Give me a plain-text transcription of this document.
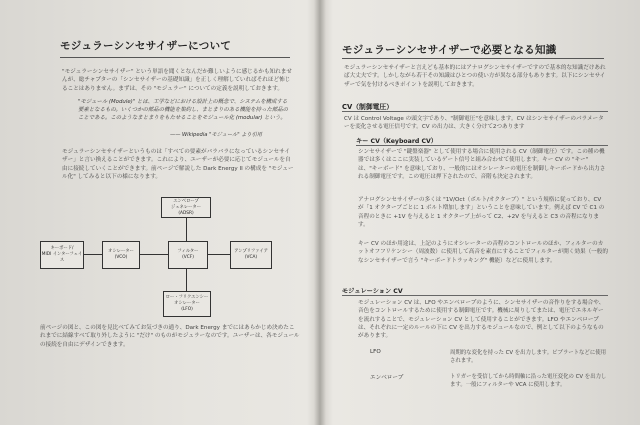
モジュラーシンセサイザーについて
"モジュラーシンセサイザー" という単語を聞くとなんだか難しいように感じるかも知れませんが、総チャプターの「シンセサイザーの基礎知識」を正しく理解していればそれほど怖じることはありません。まずは、その "モジュラー" についての定義を説明しておきます。
"モジュール (Module)" とは、工学などにおける設計上の概念で、システムを構成する要素となるもの。いくつかの部品の機能を集約し、まとまりのある機能を持った部品のことである。このようなまとまりをもたせることをモジュール化 (modular) という。
—— Wikipedia "モジュール" より引用
モジュラーシンセサイザーというものは「すべての要素がバラバラになっているシンセサイザー」と言い換えることができます。これにより、ユーザーが必要に応じてモジュールを自由に接続していくことができます。前ページで解説した Dark Energy II の構成を "モジュール化" してみると以下の様になります。
エンベロープ
ジェネレーター
(ADSR)
キーボード/
MIDI インターフェイス
オシレーター
(VCO)
フィルター
(VCF)
アンプリファイア
(VCA)
ロー・フリクエンシー
オシレーター
(LFO)
前ページの図と、この図を見比べてみてお気づきの通り、Dark Energy までにはあらかじめ決めたこれまでに結線すべて取り外したように "だけ" のものがモジュラーなのです。ユーザーは、各モジュールの接続を自由にデザインできます。
モジュラーシンセサイザーで必要となる知識
モジュラーシンセサイザーと言えども基本的にはアナログシンセサイザーですので基本的な知識だけあれば大丈夫です。しかしながら若干その知識はひとつの使い方が異なる部分もあります。以下にシンセサイザーで気を付けるべきポイントを説明しておきます。
CV（制御電圧）
CV は Control Voltage の頭文字であり、"制御電圧"を意味します。CV はシンセサイザーのパラメーターを変化させる電圧信号です。CV の出力は、大きく分けて2つあります
キー CV（Keyboard CV）
シンセサイザーで "鍵盤楽器" として使用する場合に使用される CV（制御電圧）です。この種の機器では多くはここに実装しているゲート信号と組み合わせて使用します。キー CV の "キー" は、"キーボード" を意味しており、一般的にはオシレーターの電圧を制御しキーボードから出力される制御電圧です。この電圧は押下されたので、音階も決定されます。
アナログシンセサイザーの多くは "1V/Oct（ボルト/オクターブ）" という規格に従っており、CV が「1 オクターブごとに 1 ボルト増加します」ということを意味しています。例えば CV で C1 の音程のときに +1V を与えると 1 オクターブ上がって C2、+2V を与えると C3 の音程になります。
キー CV のほか用途は、上記のようにオシレーターの音程のコントロールのほか、フィルターのカットオフフリケンシー（周波数）に使用して高音を素直にすることでフィルターが開く効果（一般的なシンセサイザーで言う "キーボードトラッキング" 機能）などに使用します。
モジュレーション CV
モジュレーション CV は、LFO やエンベロープのように、シンセサイザーの音作りをする場合や、音色をコントロールするために使用する制御電圧です。機械に周りしてまたは、電圧でエネルギーを流れすることで、モジュレーション CV として使用することができます。LFO やエンベロープは、それぞれに一定のルールの下に CV を出力するモジュールなので、例として以下のようなものがあります。
LFO	周期的な変化を持った CV を出力します。ビブラートなどに使用されます。
エンベロープ	トリガーを受信してから時間軸に沿った電圧変化の CV を出力します。一般にフィルターや VCA に使用します。
